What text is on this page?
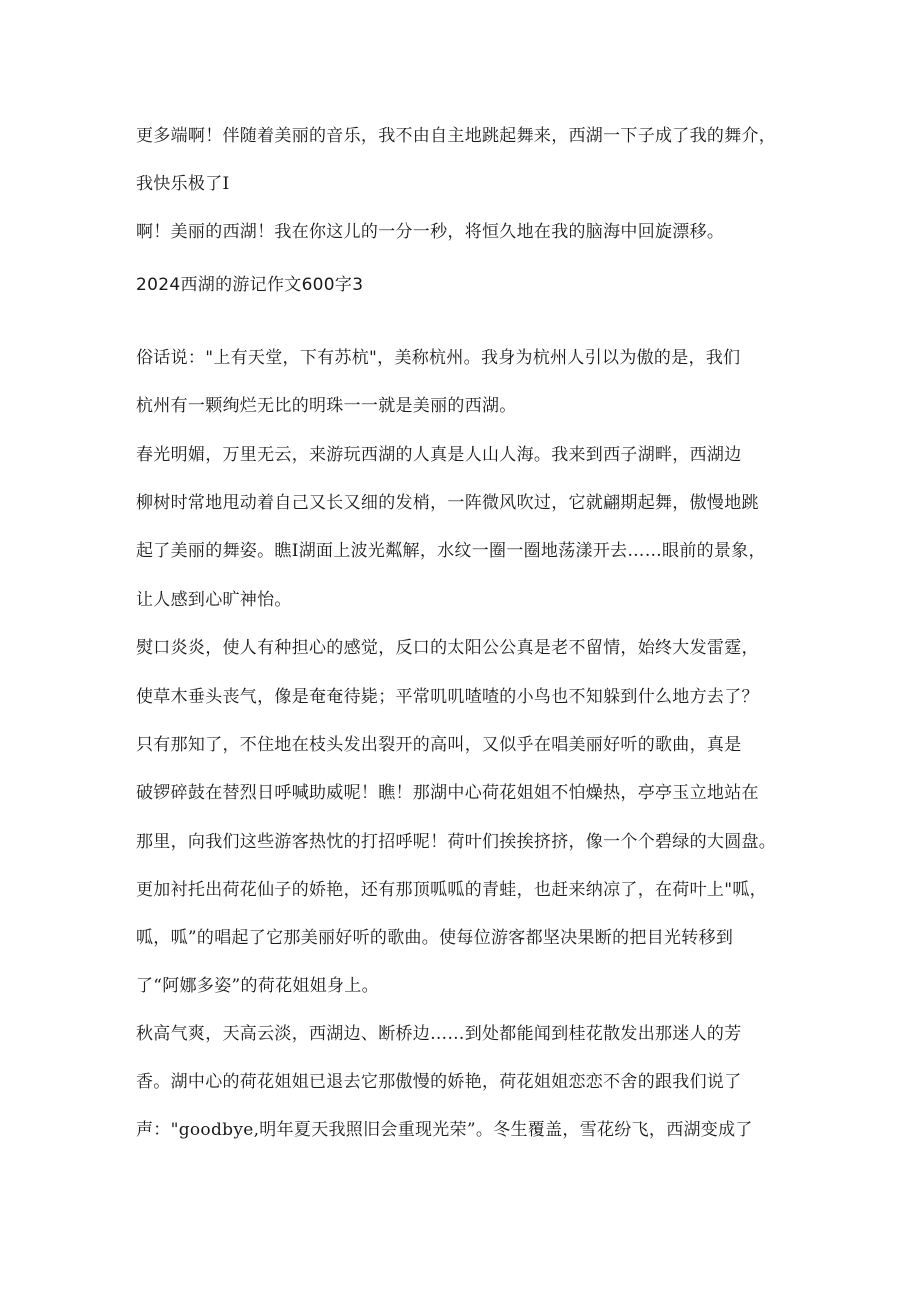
更多端啊！伴随着美丽的音乐，我不由自主地跳起舞来，西湖一下子成了我的舞介，
我快乐极了I
啊！美丽的西湖！我在你这儿的一分一秒，将恒久地在我的脑海中回旋漂移。
2024西湖的游记作文600字3
俗话说："上有天堂，下有苏杭"，美称杭州。我身为杭州人引以为傲的是，我们
杭州有一颗绚烂无比的明珠一一就是美丽的西湖。
春光明媚，万里无云，来游玩西湖的人真是人山人海。我来到西子湖畔，西湖边
柳树时常地甩动着自己又长又细的发梢，一阵微风吹过，它就翩期起舞，傲慢地跳
起了美丽的舞姿。瞧I湖面上波光粼解，水纹一圈一圈地荡漾开去……眼前的景象，
让人感到心旷神怡。
熨口炎炎，使人有种担心的感觉，反口的太阳公公真是老不留情，始终大发雷霆，
使草木垂头丧气，像是奄奄待毙；平常叽叽喳喳的小鸟也不知躲到什么地方去了？
只有那知了，不住地在枝头发出裂开的高叫，又似乎在唱美丽好听的歌曲，真是
破锣碎鼓在替烈日呼喊助威呢！瞧！那湖中心荷花姐姐不怕燥热，亭亭玉立地站在
那里，向我们这些游客热忱的打招呼呢！荷叶们挨挨挤挤，像一个个碧绿的大圆盘。
更加衬托出荷花仙子的娇艳，还有那顶呱呱的青蛙，也赶来纳凉了，在荷叶上"呱，
呱，呱”的唱起了它那美丽好听的歌曲。使每位游客都坚决果断的把目光转移到
了“阿娜多姿”的荷花姐姐身上。
秋高气爽，天高云淡，西湖边、断桥边……到处都能闻到桂花散发出那迷人的芳
香。湖中心的荷花姐姐已退去它那傲慢的娇艳，荷花姐姐恋恋不舍的跟我们说了
声："goodbye,明年夏天我照旧会重现光荣”。冬生覆盖，雪花纷飞，西湖变成了
